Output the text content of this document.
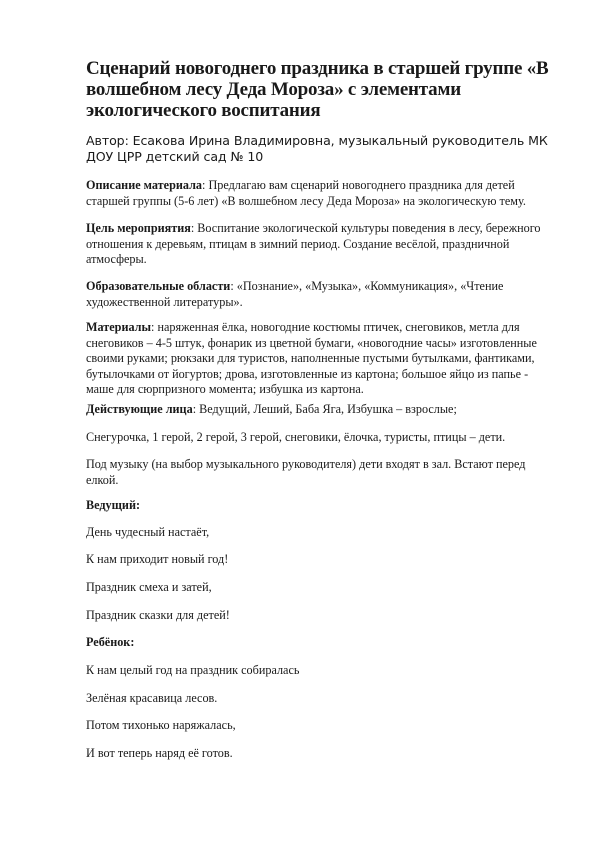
Сценарий новогоднего праздника в старшей группе «В волшебном лесу Деда Мороза» с элементами экологического воспитания
Автор: Есакова Ирина Владимировна, музыкальный руководитель МК ДОУ ЦРР детский сад № 10

Описание материала: Предлагаю вам сценарий новогоднего праздника для детей старшей группы (5-6 лет) «В волшебном лесу Деда Мороза» на экологическую тему.

Цель мероприятия: Воспитание экологической культуры поведения в лесу, бережного отношения к деревьям, птицам в зимний период. Создание весёлой, праздничной атмосферы.

Образовательные области: «Познание», «Музыка», «Коммуникация», «Чтение художественной литературы».

Материалы: наряженная ёлка, новогодние костюмы птичек, снеговиков, метла для снеговиков – 4-5 штук, фонарик из цветной бумаги, «новогодние часы» изготовленные своими руками; рюкзаки для туристов, наполненные пустыми бутылками, фантиками, бутылочками от йогуртов; дрова, изготовленные из картона; большое яйцо из папье - маше для сюрпризного момента; избушка из картона.

Действующие лица: Ведущий, Леший, Баба Яга, Избушка – взрослые;

Снегурочка, 1 герой, 2 герой, 3 герой, снеговики, ёлочка, туристы, птицы – дети.

Под музыку (на выбор музыкального руководителя) дети входят в зал. Встают перед елкой.

Ведущий:

День чудесный настаёт,

К нам приходит новый год!

Праздник смеха и затей,

Праздник сказки для детей!

Ребёнок:

К нам целый год на праздник собиралась

Зелёная красавица лесов.

Потом тихонько наряжалась,

И вот теперь наряд её готов.
